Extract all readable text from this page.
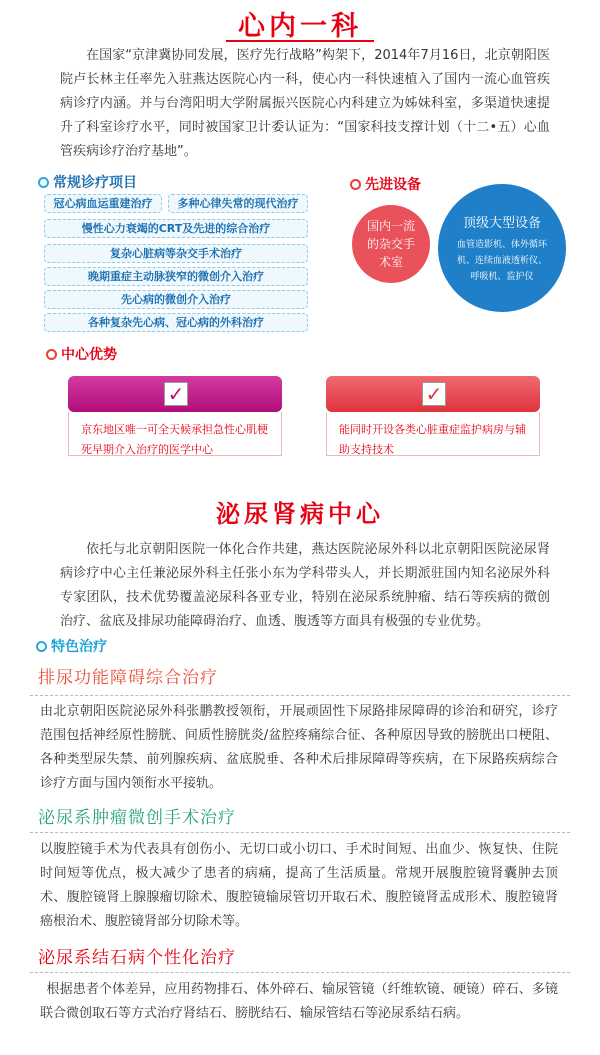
心内一科
在国家“京津冀协同发展，医疗先行战略”构架下，2014年7月16日，北京朝阳医院卢长林主任率先入驻燕达医院心内一科，使心内一科快速植入了国内一流心血管疾病诊疗内涵。并与台湾阳明大学附属振兴医院心内科建立为姊妹科室，多渠道快速提升了科室诊疗水平，同时被国家卫计委认证为：“国家科技支撑计划（十二•五）心血管疾病诊疗治疗基地”。
常规诊疗项目
冠心病血运重建治疗	多种心律失常的现代治疗
慢性心力衰竭的CRT及先进的综合治疗
复杂心脏病等杂交手术治疗
晚期重症主动脉狭窄的微创介入治疗
先心病的微创介入治疗
各种复杂先心病、冠心病的外科治疗
先进设备
国内一流的杂交手术室
顶级大型设备
血管造影机、体外循环机、连续血液透析仪、呼吸机、监护仪
中心优势
京东地区唯一可全天候承担急性心肌梗死早期介入治疗的医学中心
✓
能同时开设各类心脏重症监护病房与辅助支持技术
✓
泌尿肾病中心
依托与北京朝阳医院一体化合作共建，燕达医院泌尿外科以北京朝阳医院泌尿肾病诊疗中心主任兼泌尿外科主任张小东为学科带头人，并长期派驻国内知名泌尿外科专家团队，技术优势覆盖泌尿科各亚专业，特别在泌尿系统肿瘤、结石等疾病的微创治疗、盆底及排尿功能障碍治疗、血透、腹透等方面具有极强的专业优势。
特色治疗
排尿功能障碍综合治疗
由北京朝阳医院泌尿外科张鹏教授领衔，开展顽固性下尿路排尿障碍的诊治和研究，诊疗范围包括神经原性膀胱、间质性膀胱炎/盆腔疼痛综合征、各种原因导致的膀胱出口梗阻、各种类型尿失禁、前列腺疾病、盆底脱垂、各种术后排尿障碍等疾病，在下尿路疾病综合诊疗方面与国内领衔水平接轨。
泌尿系肿瘤微创手术治疗
以腹腔镜手术为代表具有创伤小、无切口或小切口、手术时间短、出血少、恢复快、住院时间短等优点，极大减少了患者的病痛，提高了生活质量。常规开展腹腔镜肾囊肿去顶术、腹腔镜肾上腺腺瘤切除术、腹腔镜输尿管切开取石术、腹腔镜肾盂成形术、腹腔镜肾癌根治术、腹腔镜肾部分切除术等。
泌尿系结石病个性化治疗
根据患者个体差异，应用药物排石、体外碎石、输尿管镜（纤维软镜、硬镜）碎石、多镜联合微创取石等方式治疗肾结石、膀胱结石、输尿管结石等泌尿系结石病。
